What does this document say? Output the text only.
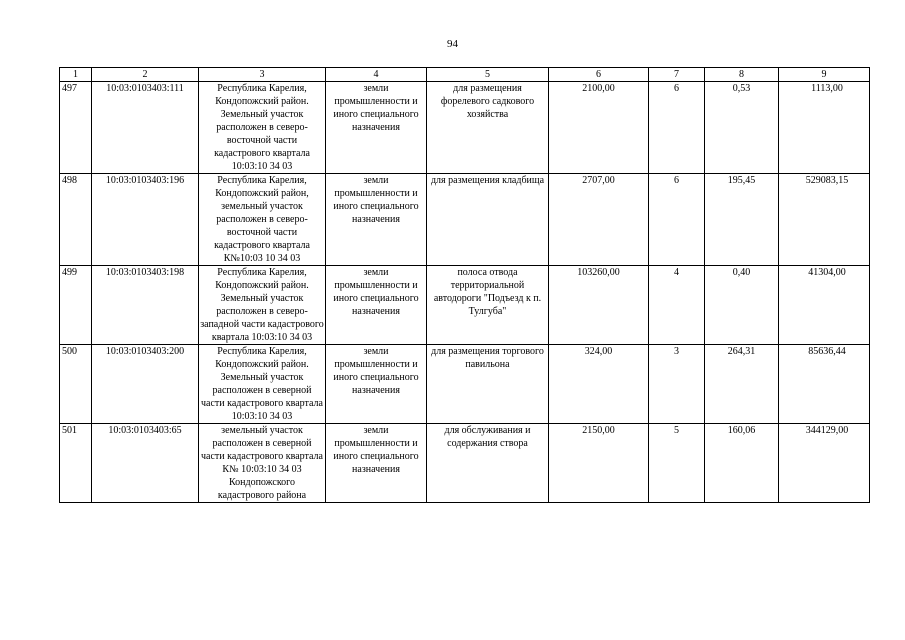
94
1	2	3	4	5	6	7	8	9
497	10:03:0103403:111	Республика Карелия, Кондопожский район. Земельный участок расположен в северо-восточной части кадастрового квартала 10:03:10 34 03	земли промышленности и иного специального назначения	для размещения форелевого садкового хозяйства	2100,00	6	0,53	1113,00
498	10:03:0103403:196	Республика Карелия, Кондопожский район, земельный участок расположен в северо-восточной части кадастрового квартала К№10:03 10 34 03	земли промышленности и иного специального назначения	для размещения кладбища	2707,00	6	195,45	529083,15
499	10:03:0103403:198	Республика Карелия, Кондопожский район. Земельный участок расположен в северо-западной части кадастрового квартала 10:03:10 34 03	земли промышленности и иного специального назначения	полоса отвода территориальной автодороги "Подъезд к п. Тулгуба"	103260,00	4	0,40	41304,00
500	10:03:0103403:200	Республика Карелия, Кондопожский район. Земельный участок расположен в северной части кадастрового квартала 10:03:10 34 03	земли промышленности и иного специального назначения	для размещения торгового павильона	324,00	3	264,31	85636,44
501	10:03:0103403:65	земельный участок расположен в северной части кадастрового квартала К№ 10:03:10 34 03 Кондопожского кадастрового района	земли промышленности и иного специального назначения	для обслуживания и содержания створа	2150,00	5	160,06	344129,00
